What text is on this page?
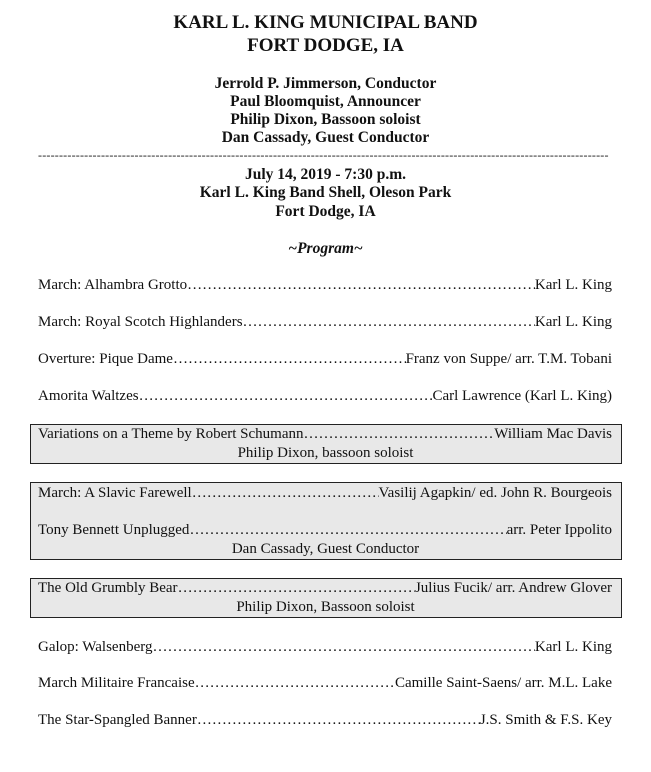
KARL L. KING MUNICIPAL BAND
FORT DODGE, IA
Jerrold P. Jimmerson, Conductor
Paul Bloomquist, Announcer
Philip Dixon, Bassoon soloist
Dan Cassady, Guest Conductor
----------------------------------------------------------------------------------------------------------------------------------------
July 14, 2019 - 7:30 p.m.
Karl L. King Band Shell, Oleson Park
Fort Dodge, IA
~Program~
March: Alhambra Grotto ……………………………………………………………………………………………………………………………………	Karl L. King
March: Royal Scotch Highlanders ……………………………………………………………………………………………………………………………………	Karl L. King
Overture: Pique Dame ……………………………………………………………………………………………………………………………………	Franz von Suppe/ arr. T.M. Tobani
Amorita Waltzes ……………………………………………………………………………………………………………………………………	Carl Lawrence (Karl L. King)
Variations on a Theme by Robert Schumann ……………………………………………………………………………………………………………………………………	William Mac Davis
Philip Dixon, bassoon soloist
March: A Slavic Farewell ……………………………………………………………………………………………………………………………………	Vasilij Agapkin/ ed. John R. Bourgeois
Tony Bennett Unplugged ……………………………………………………………………………………………………………………………………	arr. Peter Ippolito
Dan Cassady, Guest Conductor
The Old Grumbly Bear ……………………………………………………………………………………………………………………………………	Julius Fucik/ arr. Andrew Glover
Philip Dixon, Bassoon soloist
Galop: Walsenberg ……………………………………………………………………………………………………………………………………	Karl L. King
March Militaire Francaise ……………………………………………………………………………………………………………………………………	Camille Saint-Saens/ arr. M.L. Lake
The Star-Spangled Banner ……………………………………………………………………………………………………………………………………	J.S. Smith & F.S. Key
